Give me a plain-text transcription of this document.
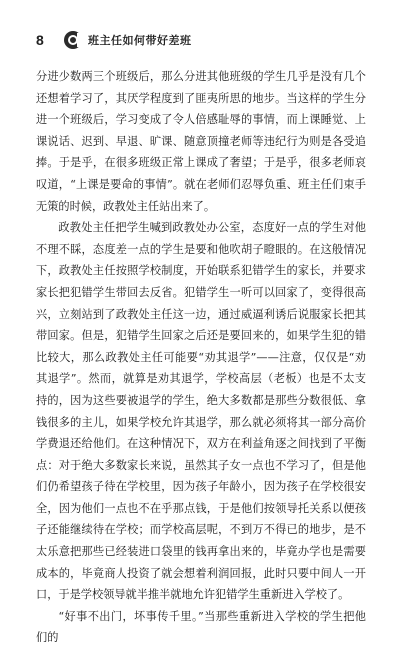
8	班主任如何带好差班

分进少数两三个班级后，那么分进其他班级的学生几乎是没有几个还想着学习了，其厌学程度到了匪夷所思的地步。当这样的学生分进一个班级后，学习变成了令人倍感耻辱的事情，而上课睡觉、上课说话、迟到、早退、旷课、随意顶撞老师等违纪行为则是各受追捧。于是乎，在很多班级正常上课成了奢望；于是乎，很多老师哀叹道，“上课是要命的事情”。就在老师们忍辱负重、班主任们束手无策的时候，政教处主任站出来了。

政教处主任把学生喊到政教处办公室，态度好一点的学生对他不理不睬，态度差一点的学生是要和他吹胡子瞪眼的。在这般情况下，政教处主任按照学校制度，开始联系犯错学生的家长，并要求家长把犯错学生带回去反省。犯错学生一听可以回家了，变得很高兴，立刻站到了政教处主任这一边，通过威逼利诱后说服家长把其带回家。但是，犯错学生回家之后还是要回来的，如果学生犯的错比较大，那么政教处主任可能要“劝其退学”——注意，仅仅是“劝其退学”。然而，就算是劝其退学，学校高层（老板）也是不太支持的，因为这些要被退学的学生，绝大多数都是那些分数很低、拿钱很多的主儿，如果学校允许其退学，那么就必须将其一部分高价学费退还给他们。在这种情况下，双方在利益角逐之间找到了平衡点：对于绝大多数家长来说，虽然其子女一点也不学习了，但是他们仍希望孩子待在学校里，因为孩子年龄小，因为孩子在学校很安全，因为他们一点也不在乎那点钱，于是他们按领导托关系以便孩子还能继续待在学校；而学校高层呢，不到万不得已的地步，是不太乐意把那些已经装进口袋里的钱再拿出来的，毕竟办学也是需要成本的，毕竟商人投资了就会想着利润回报，此时只要中间人一开口，于是学校领导就半推半就地允许犯错学生重新进入学校了。

“好事不出门，坏事传千里。”当那些重新进入学校的学生把他们的
